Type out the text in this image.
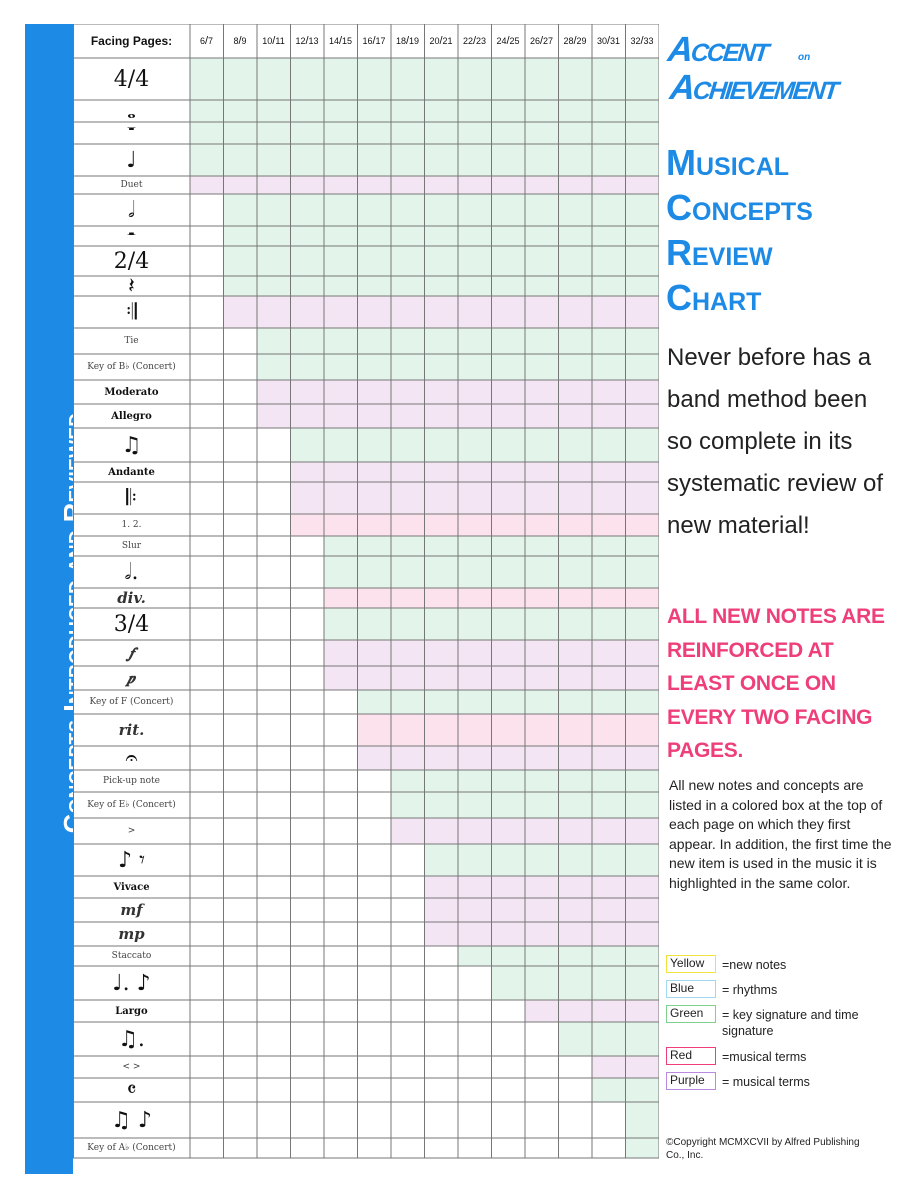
Concepts Introduced and Reviewed
Facing Pages:	6 / 7 8 / 9 10 / 11 12 / 13 14 / 15 16 / 17 18 / 19 20 / 21 22 / 23 24 / 25 26 / 27 28 / 29 30 / 31 32 / 33
4/4
𝅝
𝄻
♩
Duet
𝅗𝅥
𝄼
2/4
𝄽
𝄇
Tie
Key of B♭ (Concert)
Moderato
Allegro
♫
Andante
𝄆
1. 2.
Slur
𝅗𝅥.
div.
3/4
𝆑
𝆏
Key of F (Concert)
rit.
𝄐
Pick-up note
Key of E♭ (Concert)
>
♪ 𝄾
Vivace
mf
mp
Staccato
♩. ♪
Largo
♫.
< >
𝄴
♫ ♪
Key of A♭ (Concert)
Accent	on
Achievement
Musical
Concepts
Review
Chart
Never before has a band method been so complete in its systematic review of new material!
ALL NEW NOTES ARE REINFORCED AT LEAST ONCE ON EVERY TWO FACING PAGES.
All new notes and concepts are listed in a colored box at the top of each page on which they first appear. In addition, the first time the new item is used in the music it is highlighted in the same color.
Yellow	=new notes
Blue	= rhythms
Green	= key signature and time signature
Red	=musical terms
Purple	= musical terms
©Copyright MCMXCVII by Alfred Publishing Co., Inc.
